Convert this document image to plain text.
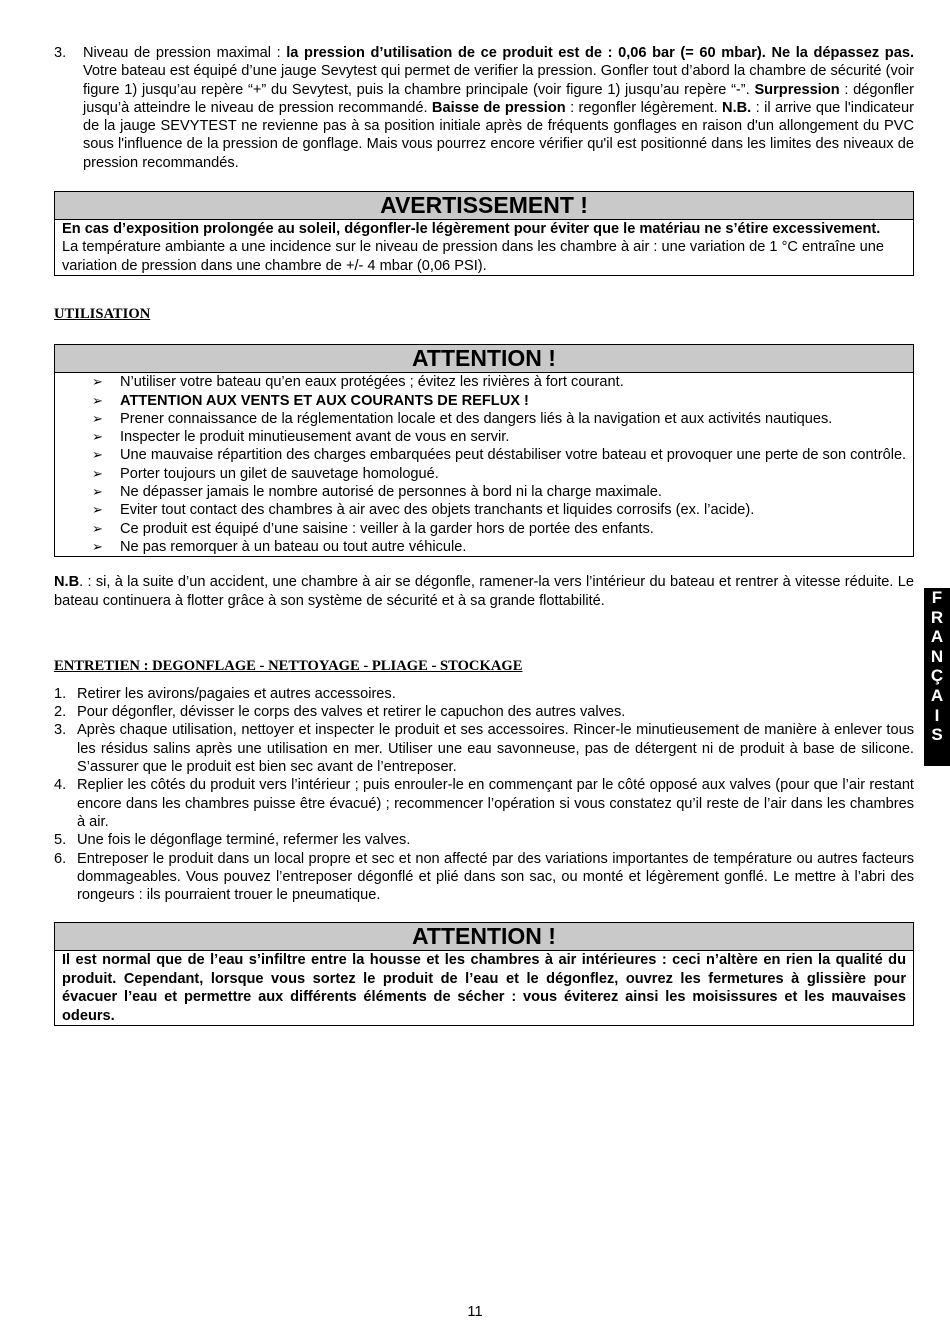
3.	Niveau de pression maximal : la pression d’utilisation de ce produit est de : 0,06 bar (= 60 mbar). Ne la dépassez pas. Votre bateau est équipé d’une jauge Sevytest qui permet de verifier la pression. Gonfler tout d’abord la chambre de sécurité (voir figure 1) jusqu’au repère “+” du Sevytest, puis la chambre principale (voir figure 1) jusqu’au repère “-”. Surpression : dégonfler jusqu’à atteindre le niveau de pression recommandé. Baisse de pression : regonfler légèrement. N.B. : il arrive que l'indicateur de la jauge SEVYTEST ne revienne pas à sa position initiale après de fréquents gonflages en raison d'un allongement du PVC sous l'influence de la pression de gonflage. Mais vous pourrez encore vérifier qu'il est positionné dans les limites des niveaux de pression recommandés.
AVERTISSEMENT !

En cas d’exposition prolongée au soleil, dégonfler-le légèrement pour éviter que le matériau ne s’étire excessivement.

La température ambiante a une incidence sur le niveau de pression dans les chambre à air : une variation de 1 °C entraîne une variation de pression dans une chambre de +/- 4 mbar (0,06 PSI).

UTILISATION
ATTENTION !
➢ N’utiliser votre bateau qu’en eaux protégées ; évitez les rivières à fort courant.
➢ ATTENTION AUX VENTS ET AUX COURANTS DE REFLUX !
➢ Prener connaissance de la réglementation locale et des dangers liés à la navigation et aux activités nautiques.
➢ Inspecter le produit minutieusement avant de vous en servir.
➢ Une mauvaise répartition des charges embarquées peut déstabiliser votre bateau et provoquer une perte de son contrôle.
➢ Porter toujours un gilet de sauvetage homologué.
➢ Ne dépasser jamais le nombre autorisé de personnes à bord ni la charge maximale.
➢ Eviter tout contact des chambres à air avec des objets tranchants et liquides corrosifs (ex. l’acide).
➢ Ce produit est équipé d’une saisine : veiller à la garder hors de portée des enfants.
➢ Ne pas remorquer à un bateau ou tout autre véhicule.

N.B. : si, à la suite d’un accident, une chambre à air se dégonfle, ramener-la vers l’intérieur du bateau et rentrer à vitesse réduite. Le bateau continuera à flotter grâce à son système de sécurité et à sa grande flottabilité.

ENTRETIEN : DEGONFLAGE - NETTOYAGE - PLIAGE - STOCKAGE
1. Retirer les avirons/pagaies et autres accessoires.
2. Pour dégonfler, dévisser le corps des valves et retirer le capuchon des autres valves.
3. Après chaque utilisation, nettoyer et inspecter le produit et ses accessoires. Rincer-le minutieusement de manière à enlever tous les résidus salins après une utilisation en mer. Utiliser une eau savonneuse, pas de détergent ni de produit à base de silicone. S’assurer que le produit est bien sec avant de l’entreposer.
4. Replier les côtés du produit vers l’intérieur ; puis enrouler-le en commençant par le côté opposé aux valves (pour que l’air restant encore dans les chambres puisse être évacué) ; recommencer l’opération si vous constatez qu’il reste de l’air dans les chambres à air.
5. Une fois le dégonflage terminé, refermer les valves.
6. Entreposer le produit dans un local propre et sec et non affecté par des variations importantes de température ou autres facteurs dommageables. Vous pouvez l’entreposer dégonflé et plié dans son sac, ou monté et légèrement gonflé. Le mettre à l’abri des rongeurs : ils pourraient trouer le pneumatique.
ATTENTION !

Il est normal que de l’eau s’infiltre entre la housse et les chambres à air intérieures : ceci n’altère en rien la qualité du produit. Cependant, lorsque vous sortez le produit de l’eau et le dégonflez, ouvrez les fermetures à glissière pour évacuer l’eau et permettre aux différents éléments de sécher : vous éviterez ainsi les moisissures et les mauvaises odeurs.

F
R
A
N
Ç
A
I
S
11
